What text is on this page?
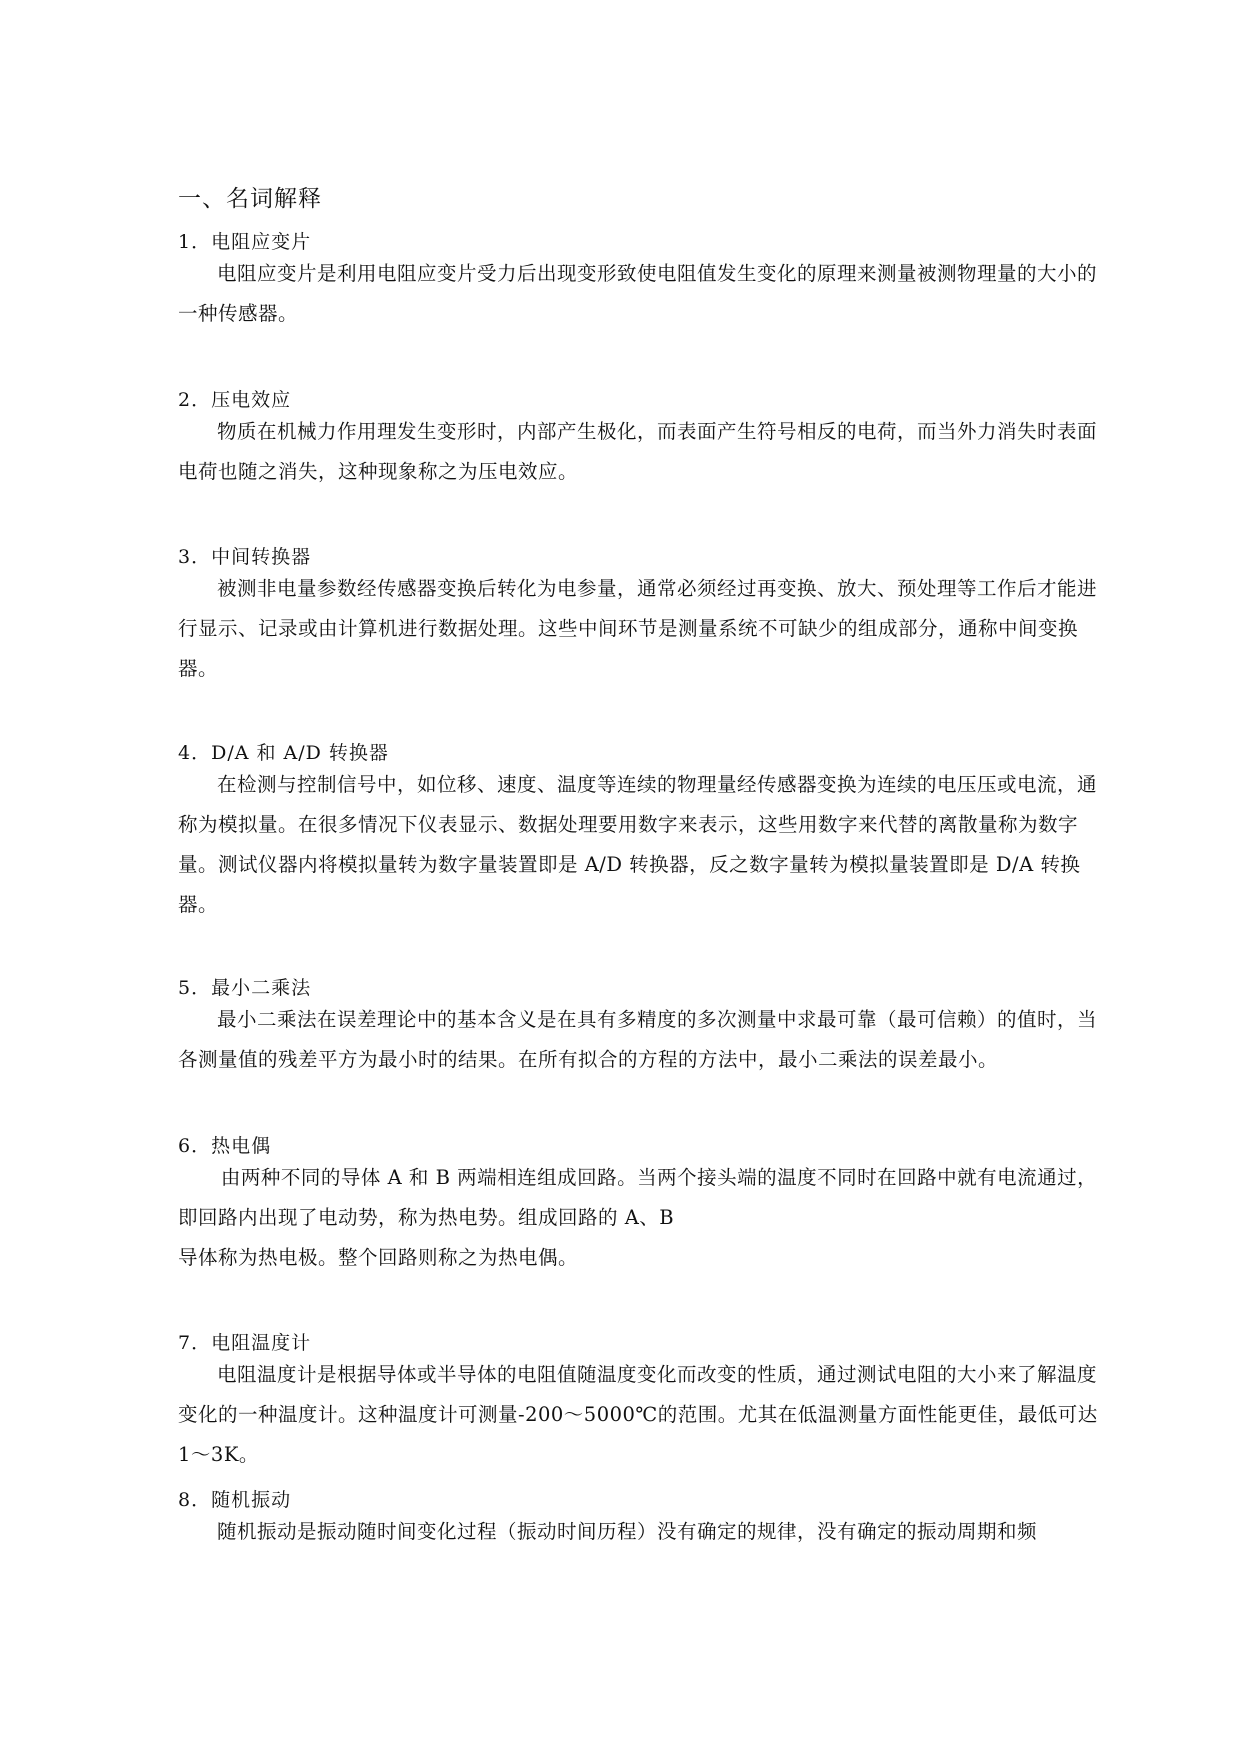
一、名词解释
1．电阻应变片

电阻应变片是利用电阻应变片受力后出现变形致使电阻值发生变化的原理来测量被测物理量的大小的一种传感器。

2．压电效应

物质在机械力作用理发生变形时，内部产生极化，而表面产生符号相反的电荷，而当外力消失时表面电荷也随之消失，这种现象称之为压电效应。

3．中间转换器

被测非电量参数经传感器变换后转化为电参量，通常必须经过再变换、放大、预处理等工作后才能进行显示、记录或由计算机进行数据处理。这些中间环节是测量系统不可缺少的组成部分，通称中间变换器。

4．D/A 和 A/D 转换器

在检测与控制信号中，如位移、速度、温度等连续的物理量经传感器变换为连续的电压压或电流，通称为模拟量。在很多情况下仪表显示、数据处理要用数字来表示，这些用数字来代替的离散量称为数字量。测试仪器内将模拟量转为数字量装置即是 A/D 转换器，反之数字量转为模拟量装置即是 D/A 转换器。

5．最小二乘法

最小二乘法在误差理论中的基本含义是在具有多精度的多次测量中求最可靠（最可信赖）的值时，当各测量值的残差平方为最小时的结果。在所有拟合的方程的方法中，最小二乘法的误差最小。

6．热电偶

由两种不同的导体 A 和 B 两端相连组成回路。当两个接头端的温度不同时在回路中就有电流通过，即回路内出现了电动势，称为热电势。组成回路的 A、B

导体称为热电极。整个回路则称之为热电偶。

7．电阻温度计

电阻温度计是根据导体或半导体的电阻值随温度变化而改变的性质，通过测试电阻的大小来了解温度变化的一种温度计。这种温度计可测量-200～5000℃的范围。尤其在低温测量方面性能更佳，最低可达 1～3K。

8．随机振动

随机振动是振动随时间变化过程（振动时间历程）没有确定的规律，没有确定的振动周期和频
